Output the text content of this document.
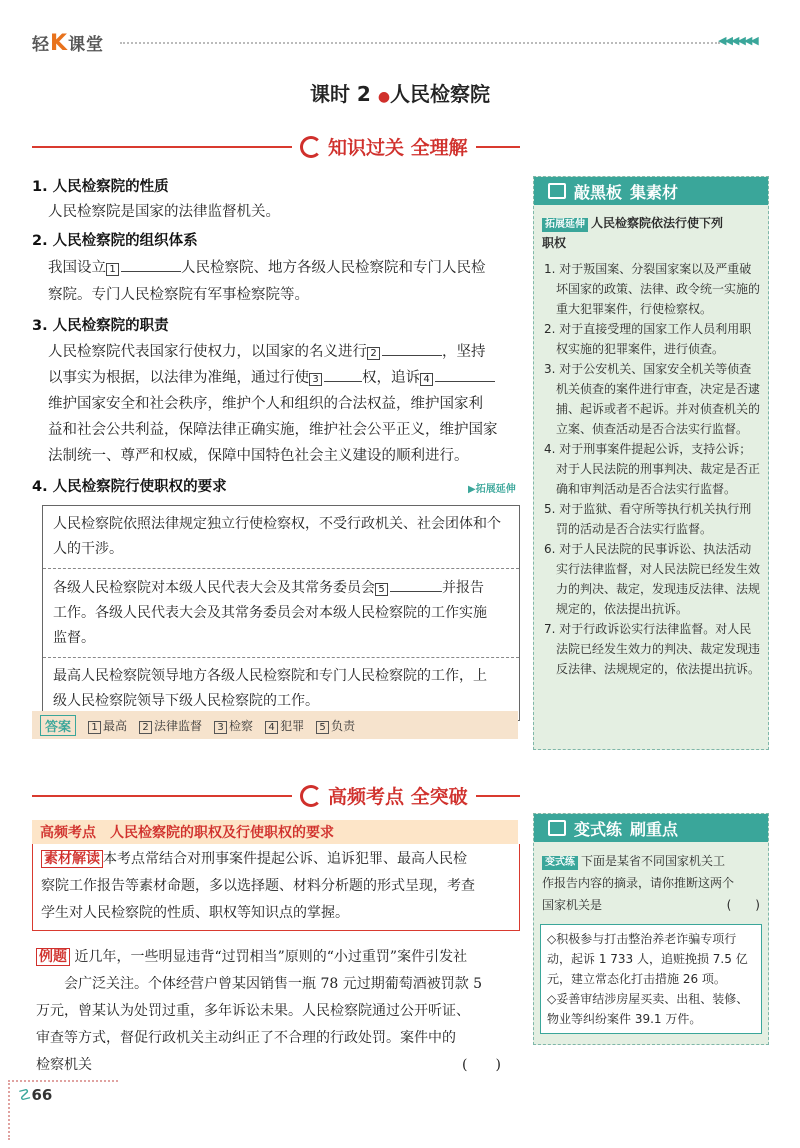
轻K课堂	◀◀◀◀◀◀
课时 2 ●人民检察院
知识过关 全理解
1. 人民检察院的性质
人民检察院是国家的法律监督机关。
2. 人民检察院的组织体系
我国设立 1	人民检察院、地方各级人民检察院和专门人民检
察院。专门人民检察院有军事检察院等。
3. 人民检察院的职责
人民检察院代表国家行使权力，以国家的名义进行 2	，坚持
以事实为根据，以法律为准绳，通过行使 3	权，追诉 4
维护国家安全和社会秩序，维护个人和组织的合法权益，维护国家利
益和社会公共利益，保障法律正确实施，维护社会公平正义，维护国家
法制统一、尊严和权威，保障中国特色社会主义建设的顺利进行。
4. 人民检察院行使职权的要求	▶拓展延伸
人民检察院依照法律规定独立行使检察权，不受行政机关、社会团体和个
人的干涉。
各级人民检察院对本级人民代表大会及其常务委员会 5	并报告
工作。各级人民代表大会及其常务委员会对本级人民检察院的工作实施
监督。
最高人民检察院领导地方各级人民检察院和专门人民检察院的工作，上
级人民检察院领导下级人民检察院的工作。
答案	1 最高	2 法律监督	3 检察	4 犯罪	5 负责
敲黑板 集素材
拓展延伸 人民检察院依法行使下列
职权
1. 对于叛国案、分裂国家案以及严重破坏国家的政策、法律、政令统一实施的重大犯罪案件，行使检察权。
2. 对于直接受理的国家工作人员利用职权实施的犯罪案件，进行侦查。
3. 对于公安机关、国家安全机关等侦查机关侦查的案件进行审查，决定是否逮捕、起诉或者不起诉。并对侦查机关的立案、侦查活动是否合法实行监督。
4. 对于刑事案件提起公诉，支持公诉；对于人民法院的刑事判决、裁定是否正确和审判活动是否合法实行监督。
5. 对于监狱、看守所等执行机关执行刑罚的活动是否合法实行监督。
6. 对于人民法院的民事诉讼、执法活动实行法律监督，对人民法院已经发生效力的判决、裁定，发现违反法律、法规规定的，依法提出抗诉。
7. 对于行政诉讼实行法律监督。对人民法院已经发生效力的判决、裁定发现违反法律、法规规定的，依法提出抗诉。
高频考点 全突破
高频考点　人民检察院的职权及行使职权的要求
素材解读 本考点常结合对刑事案件提起公诉、追诉犯罪、最高人民检
察院工作报告等素材命题，多以选择题、材料分析题的形式呈现，考查
学生对人民检察院的性质、职权等知识点的掌握。
例题 近几年，一些明显违背“过罚相当”原则的“小过重罚”案件引发社
会广泛关注。个体经营户曾某因销售一瓶 78 元过期葡萄酒被罚款 5
万元，曾某认为处罚过重，多年诉讼未果。人民检察院通过公开听证、
审查等方式，督促行政机关主动纠正了不合理的行政处罚。案件中的
检察机关	(　　)
变式练 刷重点
变式练 下面是某省不同国家机关工
作报告内容的摘录，请你推断这两个
国家机关是	(　　)
◇积极参与打击整治养老诈骗专项行动，起诉 1 733 人，追赃挽损 7.5 亿元，建立常态化打击措施 26 项。
◇妥善审结涉房屋买卖、出租、装修、物业等纠纷案件 39.1 万件。
☡66
